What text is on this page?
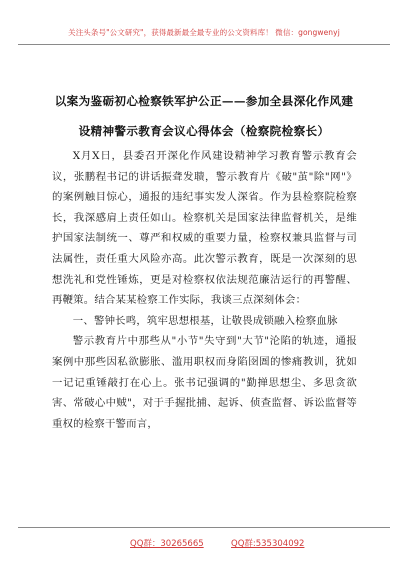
关注头条号"公文研究"，获得最新最全最专业的公文资料库！ 微信：gongwenyj
以案为鉴砺初心检察铁军护公正——参加全县深化作风建
设精神警示教育会议心得体会（检察院检察长）

X月X日，县委召开深化作风建设精神学习教育警示教育会议，张鹏程书记的讲话振聋发聩，警示教育片《破"茧"除"网"》的案例触目惊心，通报的违纪事实发人深省。作为县检察院检察长，我深感肩上责任如山。检察机关是国家法律监督机关，是维护国家法制统一、尊严和权威的重要力量，检察权兼具监督与司法属性，责任重大风险亦高。此次警示教育，既是一次深刻的思想洗礼和党性锤炼，更是对检察权依法规范廉洁运行的再警醒、再鞭策。结合某某检察工作实际，我谈三点深刻体会：

一、警钟长鸣，筑牢思想根基，让敬畏成锁融入检察血脉

警示教育片中那些从"小节"失守到"大节"沦陷的轨迹，通报案例中那些因私欲膨胀、滥用职权而身陷囹圄的惨痛教训，犹如一记记重锤敲打在心上。张书记强调的"勤掸思想尘、多思贪欲害、常破心中贼"，对于手握批捕、起诉、侦查监督、诉讼监督等重权的检察干警而言，

QQ群：30265665	QQ群:535304092
